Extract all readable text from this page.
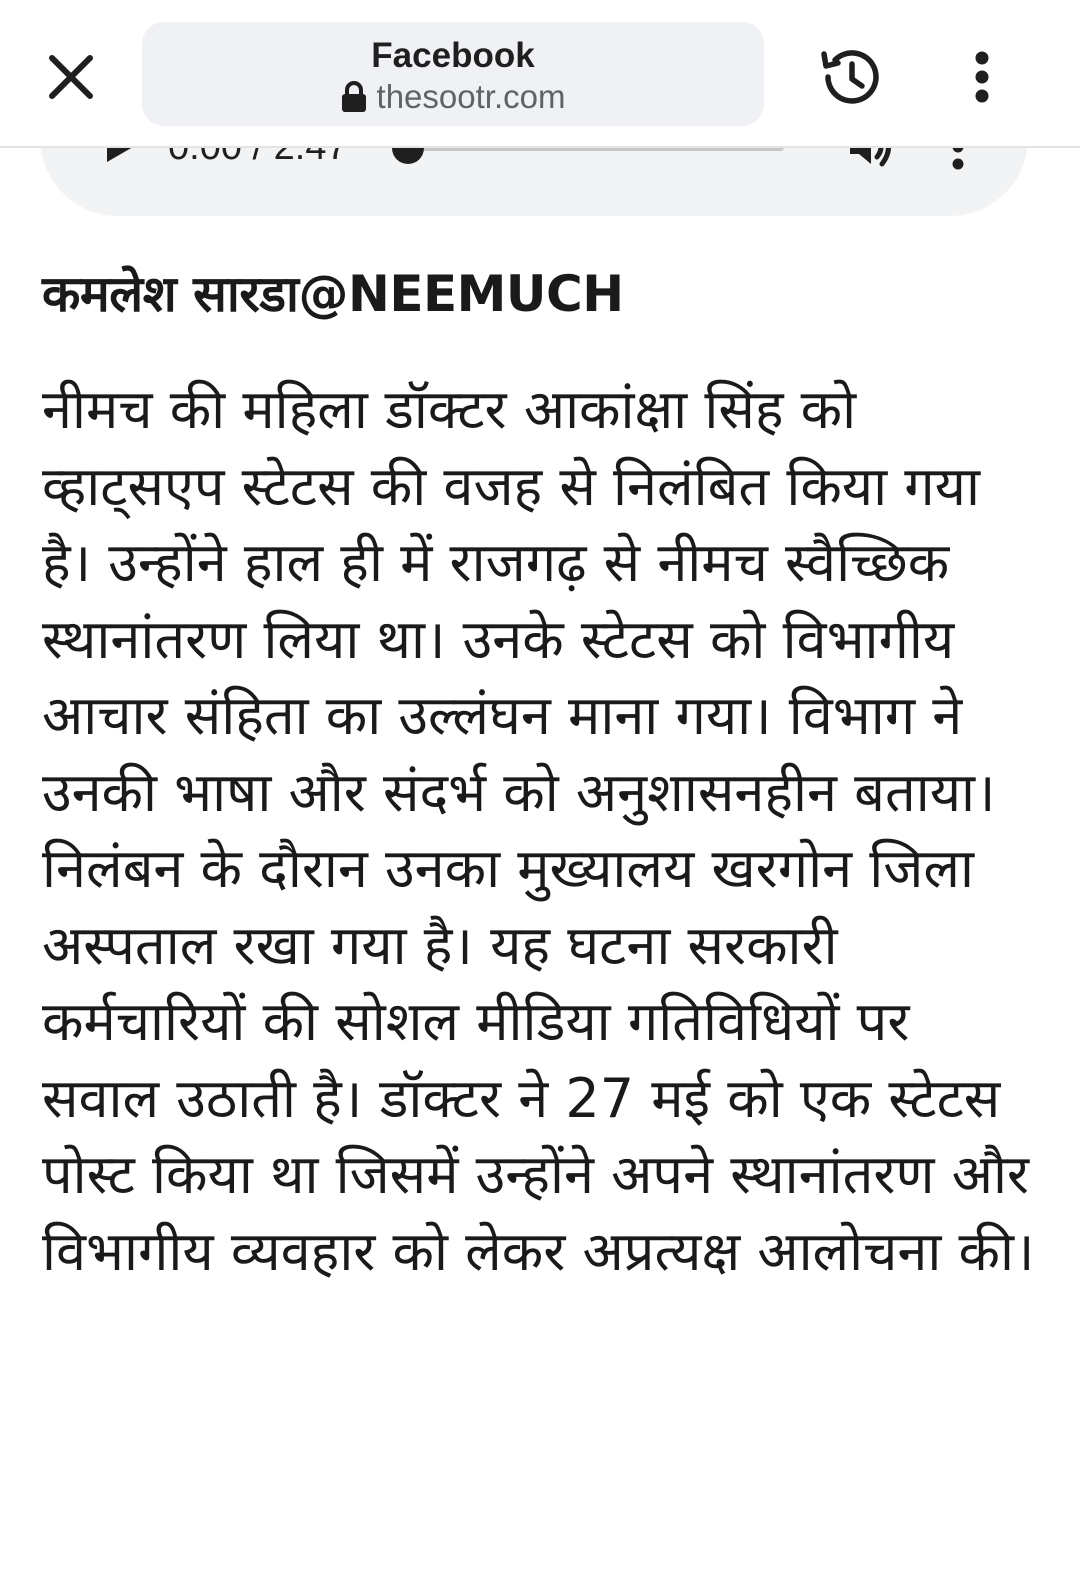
Facebook
thesootr.com
कमलेश सारडा@NEEMUCH

नीमच की महिला डॉक्टर आकांक्षा सिंह को व्हाट्सएप स्टेटस की वजह से निलंबित किया गया है। उन्होंने हाल ही में राजगढ़ से नीमच स्वैच्छिक स्थानांतरण लिया था। उनके स्टेटस को विभागीय आचार संहिता का उल्लंघन माना गया। विभाग ने उनकी भाषा और संदर्भ को अनुशासनहीन बताया। निलंबन के दौरान उनका मुख्यालय खरगोन जिला अस्पताल रखा गया है। यह घटना सरकारी कर्मचारियों की सोशल मीडिया गतिविधियों पर सवाल उठाती है। डॉक्टर ने 27 मई को एक स्टेटस पोस्ट किया था जिसमें उन्होंने अपने स्थानांतरण और विभागीय व्यवहार को लेकर अप्रत्यक्ष आलोचना की।
